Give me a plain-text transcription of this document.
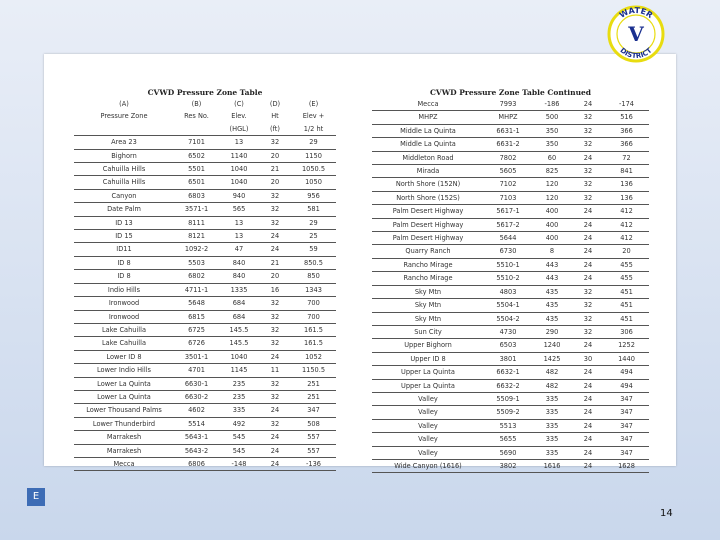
WATER
DISTRICT
V
CVWD Pressure Zone Table
(A)	(B)	(C)	(D)	(E)
Pressure Zone	Res No.	Elev.	Ht	Elev +
		(HGL)	(ft)	1/2 ht
Area 23	7101	13	32	29
Bighorn	6502	1140	20	1150
Cahuilla Hills	5501	1040	21	1050.5
Cahuilla Hills	6501	1040	20	1050
Canyon	6803	940	32	956
Date Palm	3571-1	565	32	581
ID 13	8111	13	32	29
ID 15	8121	13	24	25
ID11	1092-2	47	24	59
ID 8	5503	840	21	850.5
ID 8	6802	840	20	850
Indio Hills	4711-1	1335	16	1343
Ironwood	5648	684	32	700
Ironwood	6815	684	32	700
Lake Cahuilla	6725	145.5	32	161.5
Lake Cahuilla	6726	145.5	32	161.5
Lower ID 8	3501-1	1040	24	1052
Lower Indio Hills	4701	1145	11	1150.5
Lower La Quinta	6630-1	235	32	251
Lower La Quinta	6630-2	235	32	251
Lower Thousand Palms	4602	335	24	347
Lower Thunderbird	5514	492	32	508
Marrakesh	5643-1	545	24	557
Marrakesh	5643-2	545	24	557
Mecca	6806	-148	24	-136
CVWD Pressure Zone Table Continued
Mecca	7993	-186	24	-174
MHPZ	MHPZ	500	32	516
Middle La Quinta	6631-1	350	32	366
Middle La Quinta	6631-2	350	32	366
Middleton Road	7802	60	24	72
Mirada	5605	825	32	841
North Shore (152N)	7102	120	32	136
North Shore (152S)	7103	120	32	136
Palm Desert Highway	5617-1	400	24	412
Palm Desert Highway	5617-2	400	24	412
Palm Desert Highway	5644	400	24	412
Quarry Ranch	6730	8	24	20
Rancho Mirage	5510-1	443	24	455
Rancho Mirage	5510-2	443	24	455
Sky Mtn	4803	435	32	451
Sky Mtn	5504-1	435	32	451
Sky Mtn	5504-2	435	32	451
Sun City	4730	290	32	306
Upper Bighorn	6503	1240	24	1252
Upper ID 8	3801	1425	30	1440
Upper La Quinta	6632-1	482	24	494
Upper La Quinta	6632-2	482	24	494
Valley	5509-1	335	24	347
Valley	5509-2	335	24	347
Valley	5513	335	24	347
Valley	5655	335	24	347
Valley	5690	335	24	347
Wide Canyon (1616)	3802	1616	24	1628
E
14
